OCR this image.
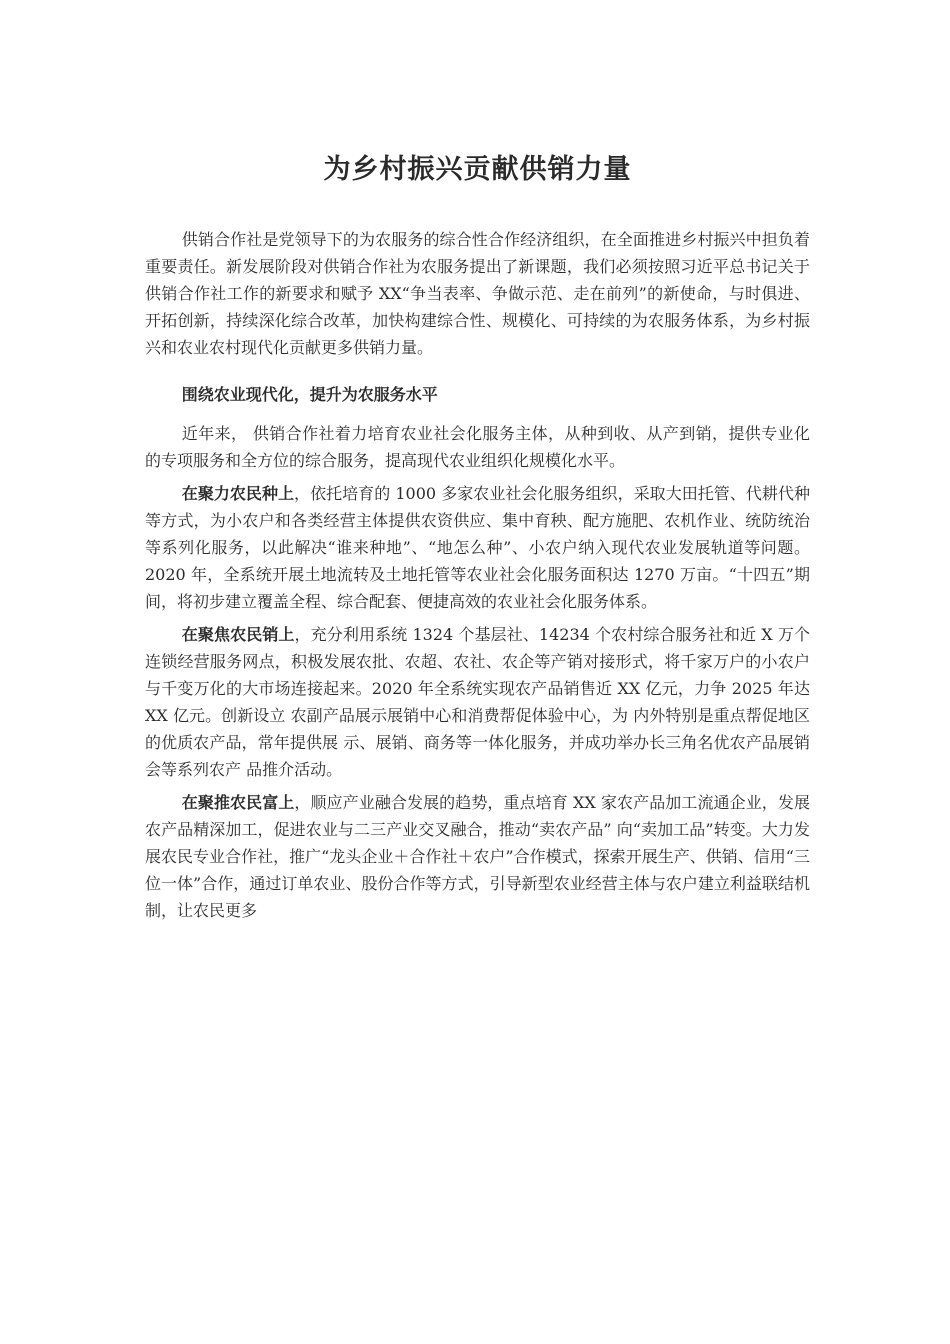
为乡村振兴贡献供销力量

供销合作社是党领导下的为农服务的综合性合作经济组织，在全面推进乡村振兴中担负着重要责任。新发展阶段对供销合作社为农服务提出了新课题，我们必须按照习近平总书记关于供销合作社工作的新要求和赋予 XX“争当表率、争做示范、走在前列”的新使命，与时俱进、开拓创新，持续深化综合改革，加快构建综合性、规模化、可持续的为农服务体系，为乡村振兴和农业农村现代化贡献更多供销力量。

围绕农业现代化，提升为农服务水平

近年来， 供销合作社着力培育农业社会化服务主体，从种到收、从产到销，提供专业化的专项服务和全方位的综合服务，提高现代农业组织化规模化水平。

在聚力农民种上，依托培育的 1000 多家农业社会化服务组织，采取大田托管、代耕代种等方式，为小农户和各类经营主体提供农资供应、集中育秧、配方施肥、农机作业、统防统治等系列化服务，以此解决“谁来种地”、“地怎么种”、小农户纳入现代农业发展轨道等问题。2020 年，全系统开展土地流转及土地托管等农业社会化服务面积达 1270 万亩。“十四五”期间，将初步建立覆盖全程、综合配套、便捷高效的农业社会化服务体系。

在聚焦农民销上，充分利用系统 1324 个基层社、14234 个农村综合服务社和近 X 万个连锁经营服务网点，积极发展农批、农超、农社、农企等产销对接形式，将千家万户的小农户与千变万化的大市场连接起来。2020 年全系统实现农产品销售近 XX 亿元，力争 2025 年达 XX 亿元。创新设立 农副产品展示展销中心和消费帮促体验中心，为 内外特别是重点帮促地区的优质农产品，常年提供展 示、展销、商务等一体化服务，并成功举办长三角名优农产品展销会等系列农产 品推介活动。

在聚推农民富上，顺应产业融合发展的趋势，重点培育 XX 家农产品加工流通企业，发展农产品精深加工，促进农业与二三产业交叉融合，推动“卖农产品” 向“卖加工品”转变。大力发展农民专业合作社，推广“龙头企业＋合作社＋农户”合作模式，探索开展生产、供销、信用“三位一体”合作，通过订单农业、股份合作等方式，引导新型农业经营主体与农户建立利益联结机制，让农民更多
